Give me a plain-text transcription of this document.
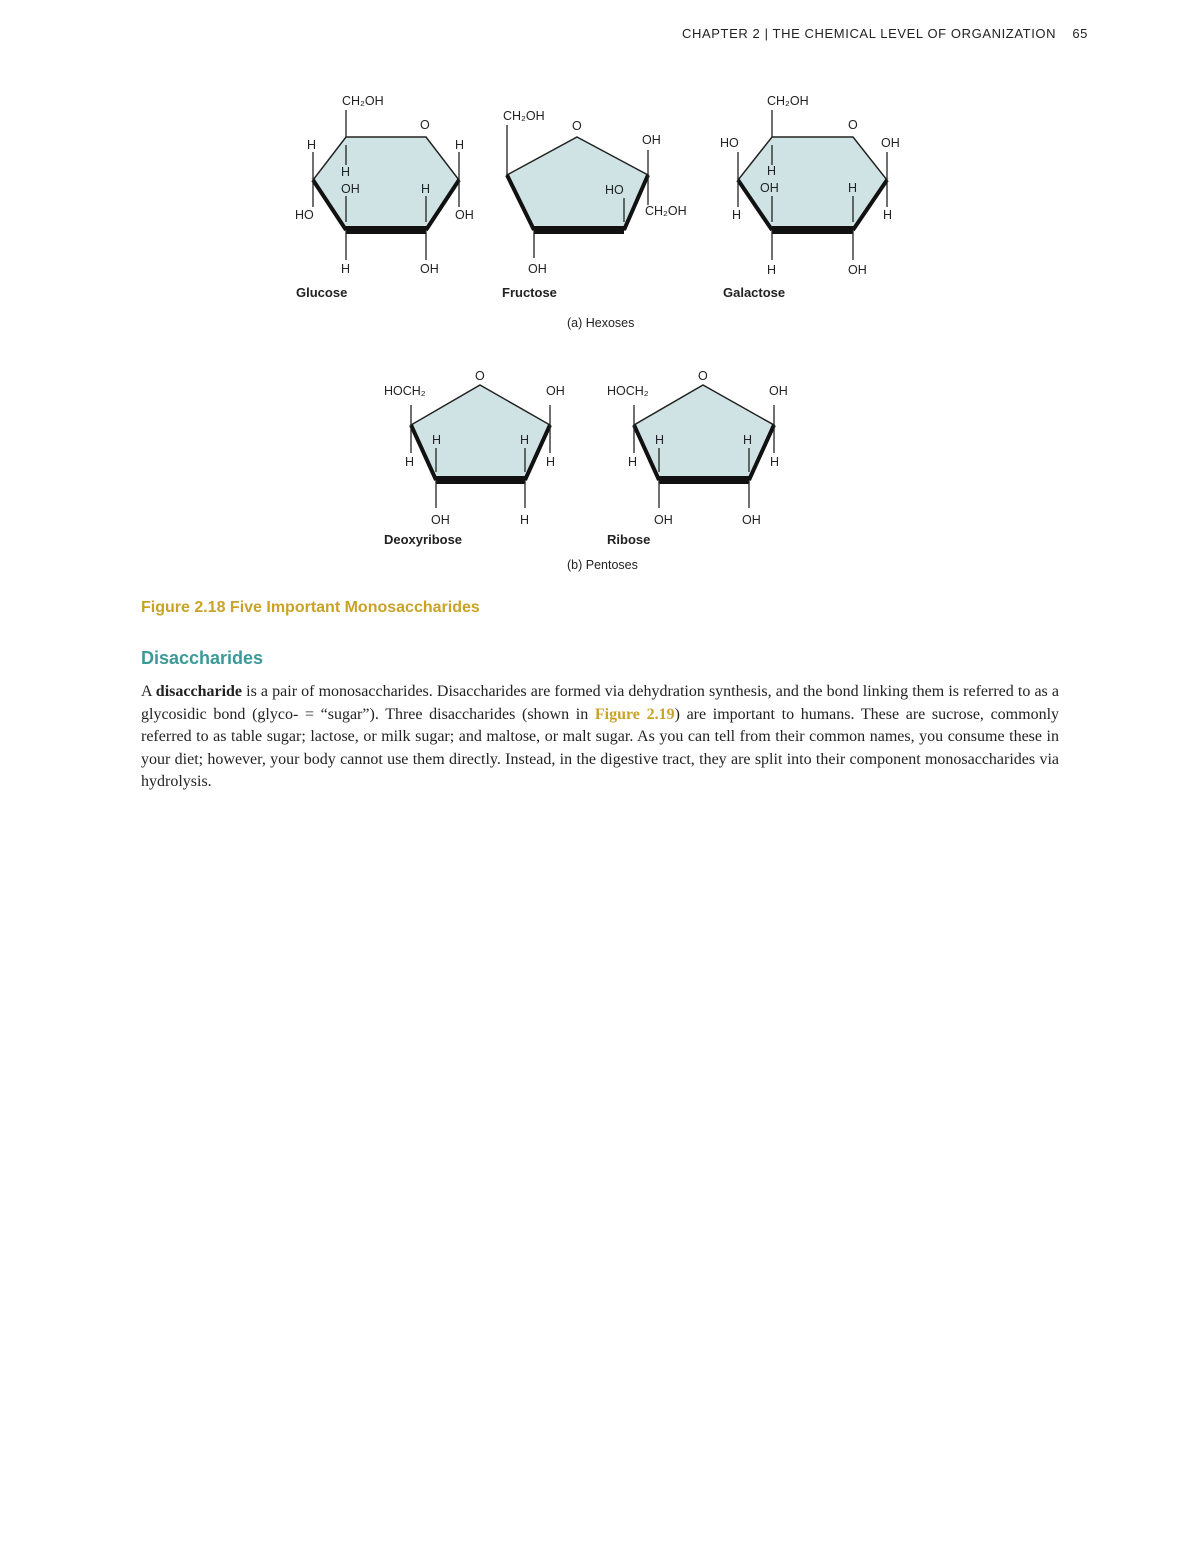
CHAPTER 2 | THE CHEMICAL LEVEL OF ORGANIZATION 65
CH₂OH
O
H	H
H
OH	H
HO	OH
H	OH
Glucose
CH₂OH
O
OH
HO
CH₂OH
OH
Fructose
CH₂OH
O
HO	OH
H
OH	H
H	H
H	OH
Galactose
(a) Hexoses
O
HOCH₂	OH
H	H
H	H
OH	H
Deoxyribose
O
HOCH₂	OH
H	H
H	H
OH	OH
Ribose
(b) Pentoses
Figure 2.18 Five Important Monosaccharides
Disaccharides

A disaccharide is a pair of monosaccharides. Disaccharides are formed via dehydration synthesis, and the bond linking them is referred to as a glycosidic bond (glyco- = “sugar”). Three disaccharides (shown in Figure 2.19) are important to humans. These are sucrose, commonly referred to as table sugar; lactose, or milk sugar; and maltose, or malt sugar. As you can tell from their common names, you consume these in your diet; however, your body cannot use them directly. Instead, in the digestive tract, they are split into their component monosaccharides via hydrolysis.
